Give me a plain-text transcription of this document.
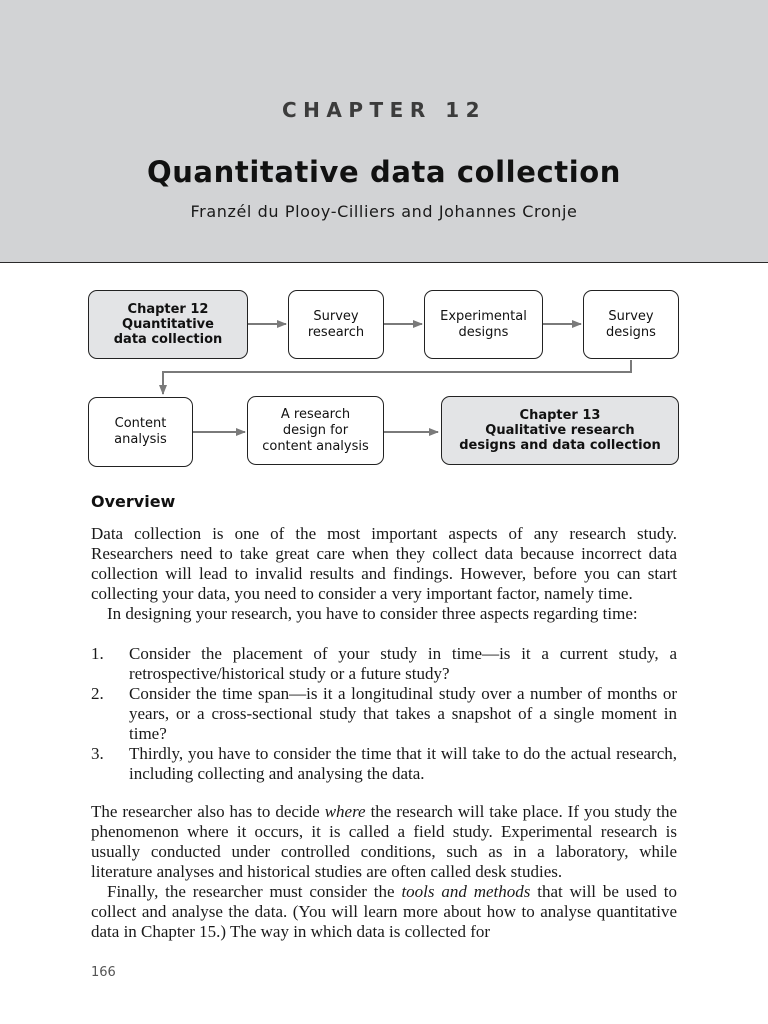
CHAPTER 12
Quantitative data collection
Franzél du Plooy-Cilliers and Johannes Cronje
Chapter 12
Quantitative
data collection
Survey
research
Experimental
designs
Survey
designs
Content
analysis
A research
design for
content analysis
Chapter 13
Qualitative research
designs and data collection
Overview

Data collection is one of the most important aspects of any research study. Researchers need to take great care when they collect data because incorrect data collection will lead to invalid results and findings. However, before you can start collecting your data, you need to consider a very important factor, namely time.

In designing your research, you have to consider three aspects regarding time:

1. Consider the placement of your study in time—is it a current study, a retrospective/historical study or a future study?
2. Consider the time span—is it a longitudinal study over a number of months or years, or a cross-sectional study that takes a snapshot of a single moment in time?
3. Thirdly, you have to consider the time that it will take to do the actual research, including collecting and analysing the data.

The researcher also has to decide where the research will take place. If you study the phenomenon where it occurs, it is called a field study. Experimental research is usually conducted under controlled conditions, such as in a laboratory, while literature analyses and historical studies are often called desk studies.

Finally, the researcher must consider the tools and methods that will be used to collect and analyse the data. (You will learn more about how to analyse quantitative data in Chapter 15.) The way in which data is collected for

166
